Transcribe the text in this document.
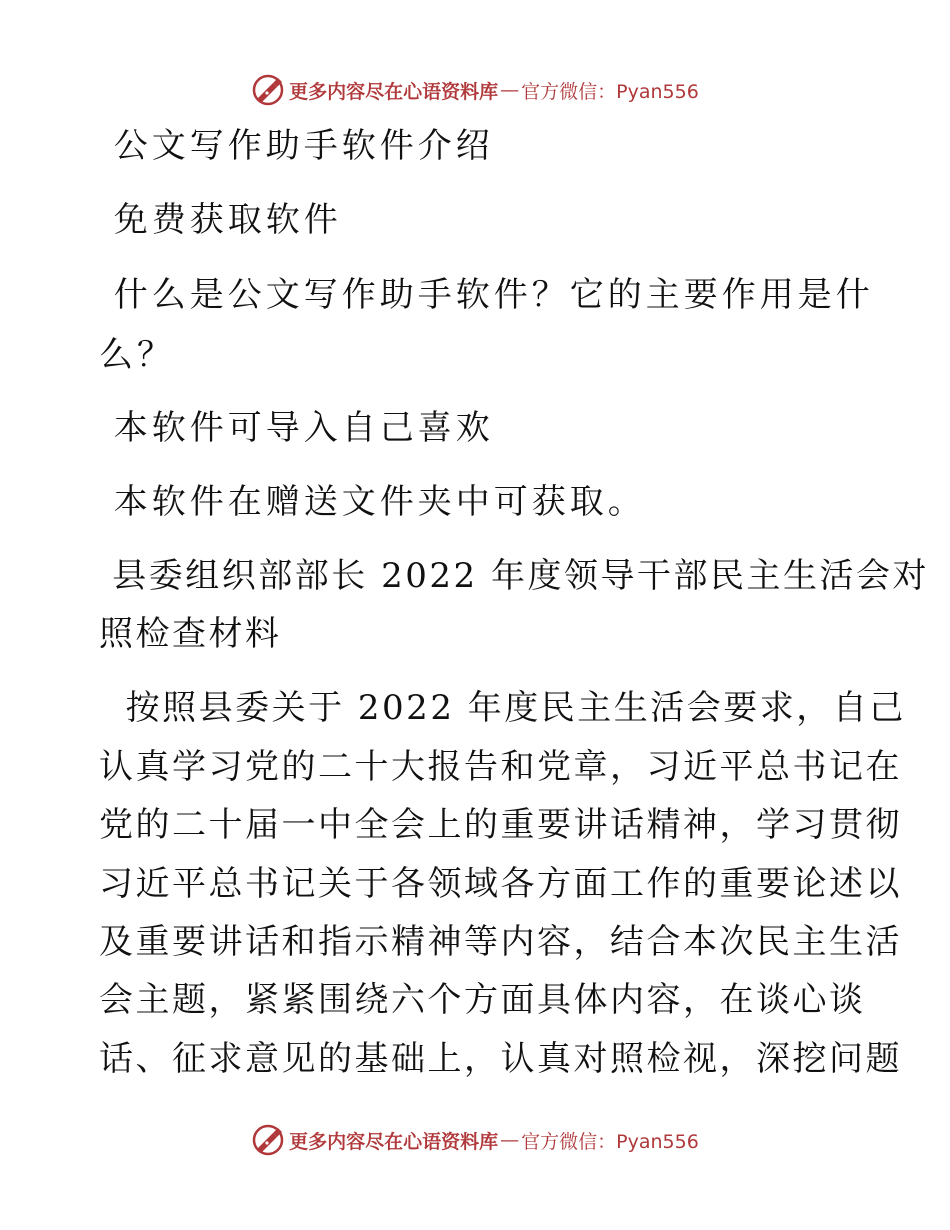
更多内容尽在心语资料库 — 官方微信：Pyan556
公文写作助手软件介绍
免费获取软件
什么是公文写作助手软件？它的主要作用是什
么？
本软件可导入自己喜欢
本软件在赠送文件夹中可获取。
县委组织部部长 2022 年度领导干部民主生活会对
照检查材料
按照县委关于 2022 年度民主生活会要求，自己
认真学习党的二十大报告和党章，习近平总书记在
党的二十届一中全会上的重要讲话精神，学习贯彻
习近平总书记关于各领域各方面工作的重要论述以
及重要讲话和指示精神等内容，结合本次民主生活
会主题，紧紧围绕六个方面具体内容，在谈心谈
话、征求意见的基础上，认真对照检视，深挖问题
更多内容尽在心语资料库 — 官方微信：Pyan556
